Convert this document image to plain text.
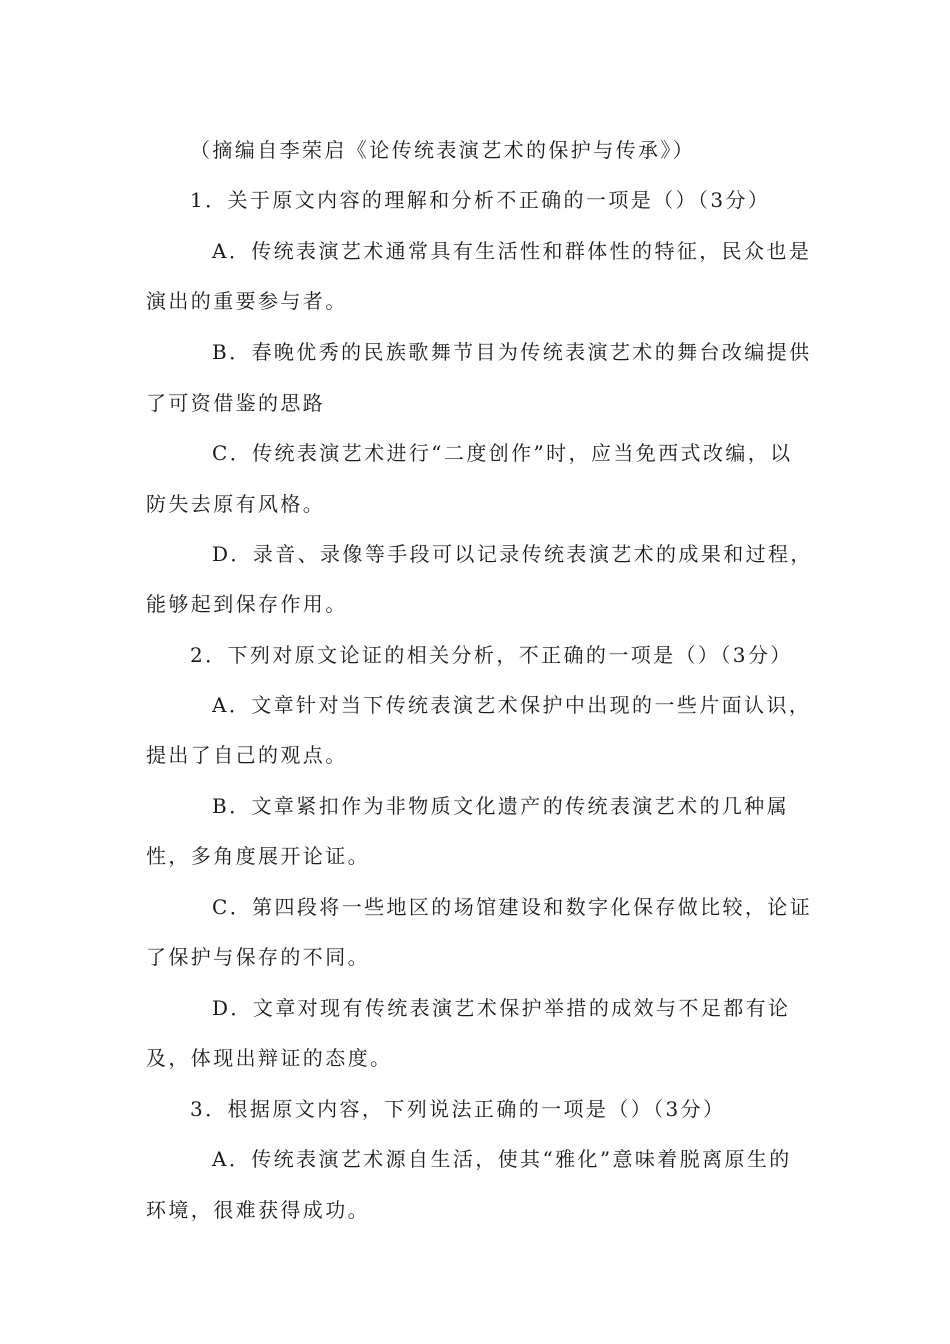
（摘编自李荣启《论传统表演艺术的保护与传承》）
1．关于原文内容的理解和分析不正确的一项是（）（3分）
A．传统表演艺术通常具有生活性和群体性的特征，民众也是
演出的重要参与者。
B．春晚优秀的民族歌舞节目为传统表演艺术的舞台改编提供
了可资借鉴的思路
C．传统表演艺术进行“二度创作”时，应当免西式改编，以
防失去原有风格。
D．录音、录像等手段可以记录传统表演艺术的成果和过程，
能够起到保存作用。
2．下列对原文论证的相关分析，不正确的一项是（）（3分）
A．文章针对当下传统表演艺术保护中出现的一些片面认识，
提出了自己的观点。
B．文章紧扣作为非物质文化遗产的传统表演艺术的几种属
性，多角度展开论证。
C．第四段将一些地区的场馆建设和数字化保存做比较，论证
了保护与保存的不同。
D．文章对现有传统表演艺术保护举措的成效与不足都有论
及，体现出辩证的态度。
3．根据原文内容，下列说法正确的一项是（）（3分）
A．传统表演艺术源自生活，使其“雅化”意味着脱离原生的
环境，很难获得成功。
